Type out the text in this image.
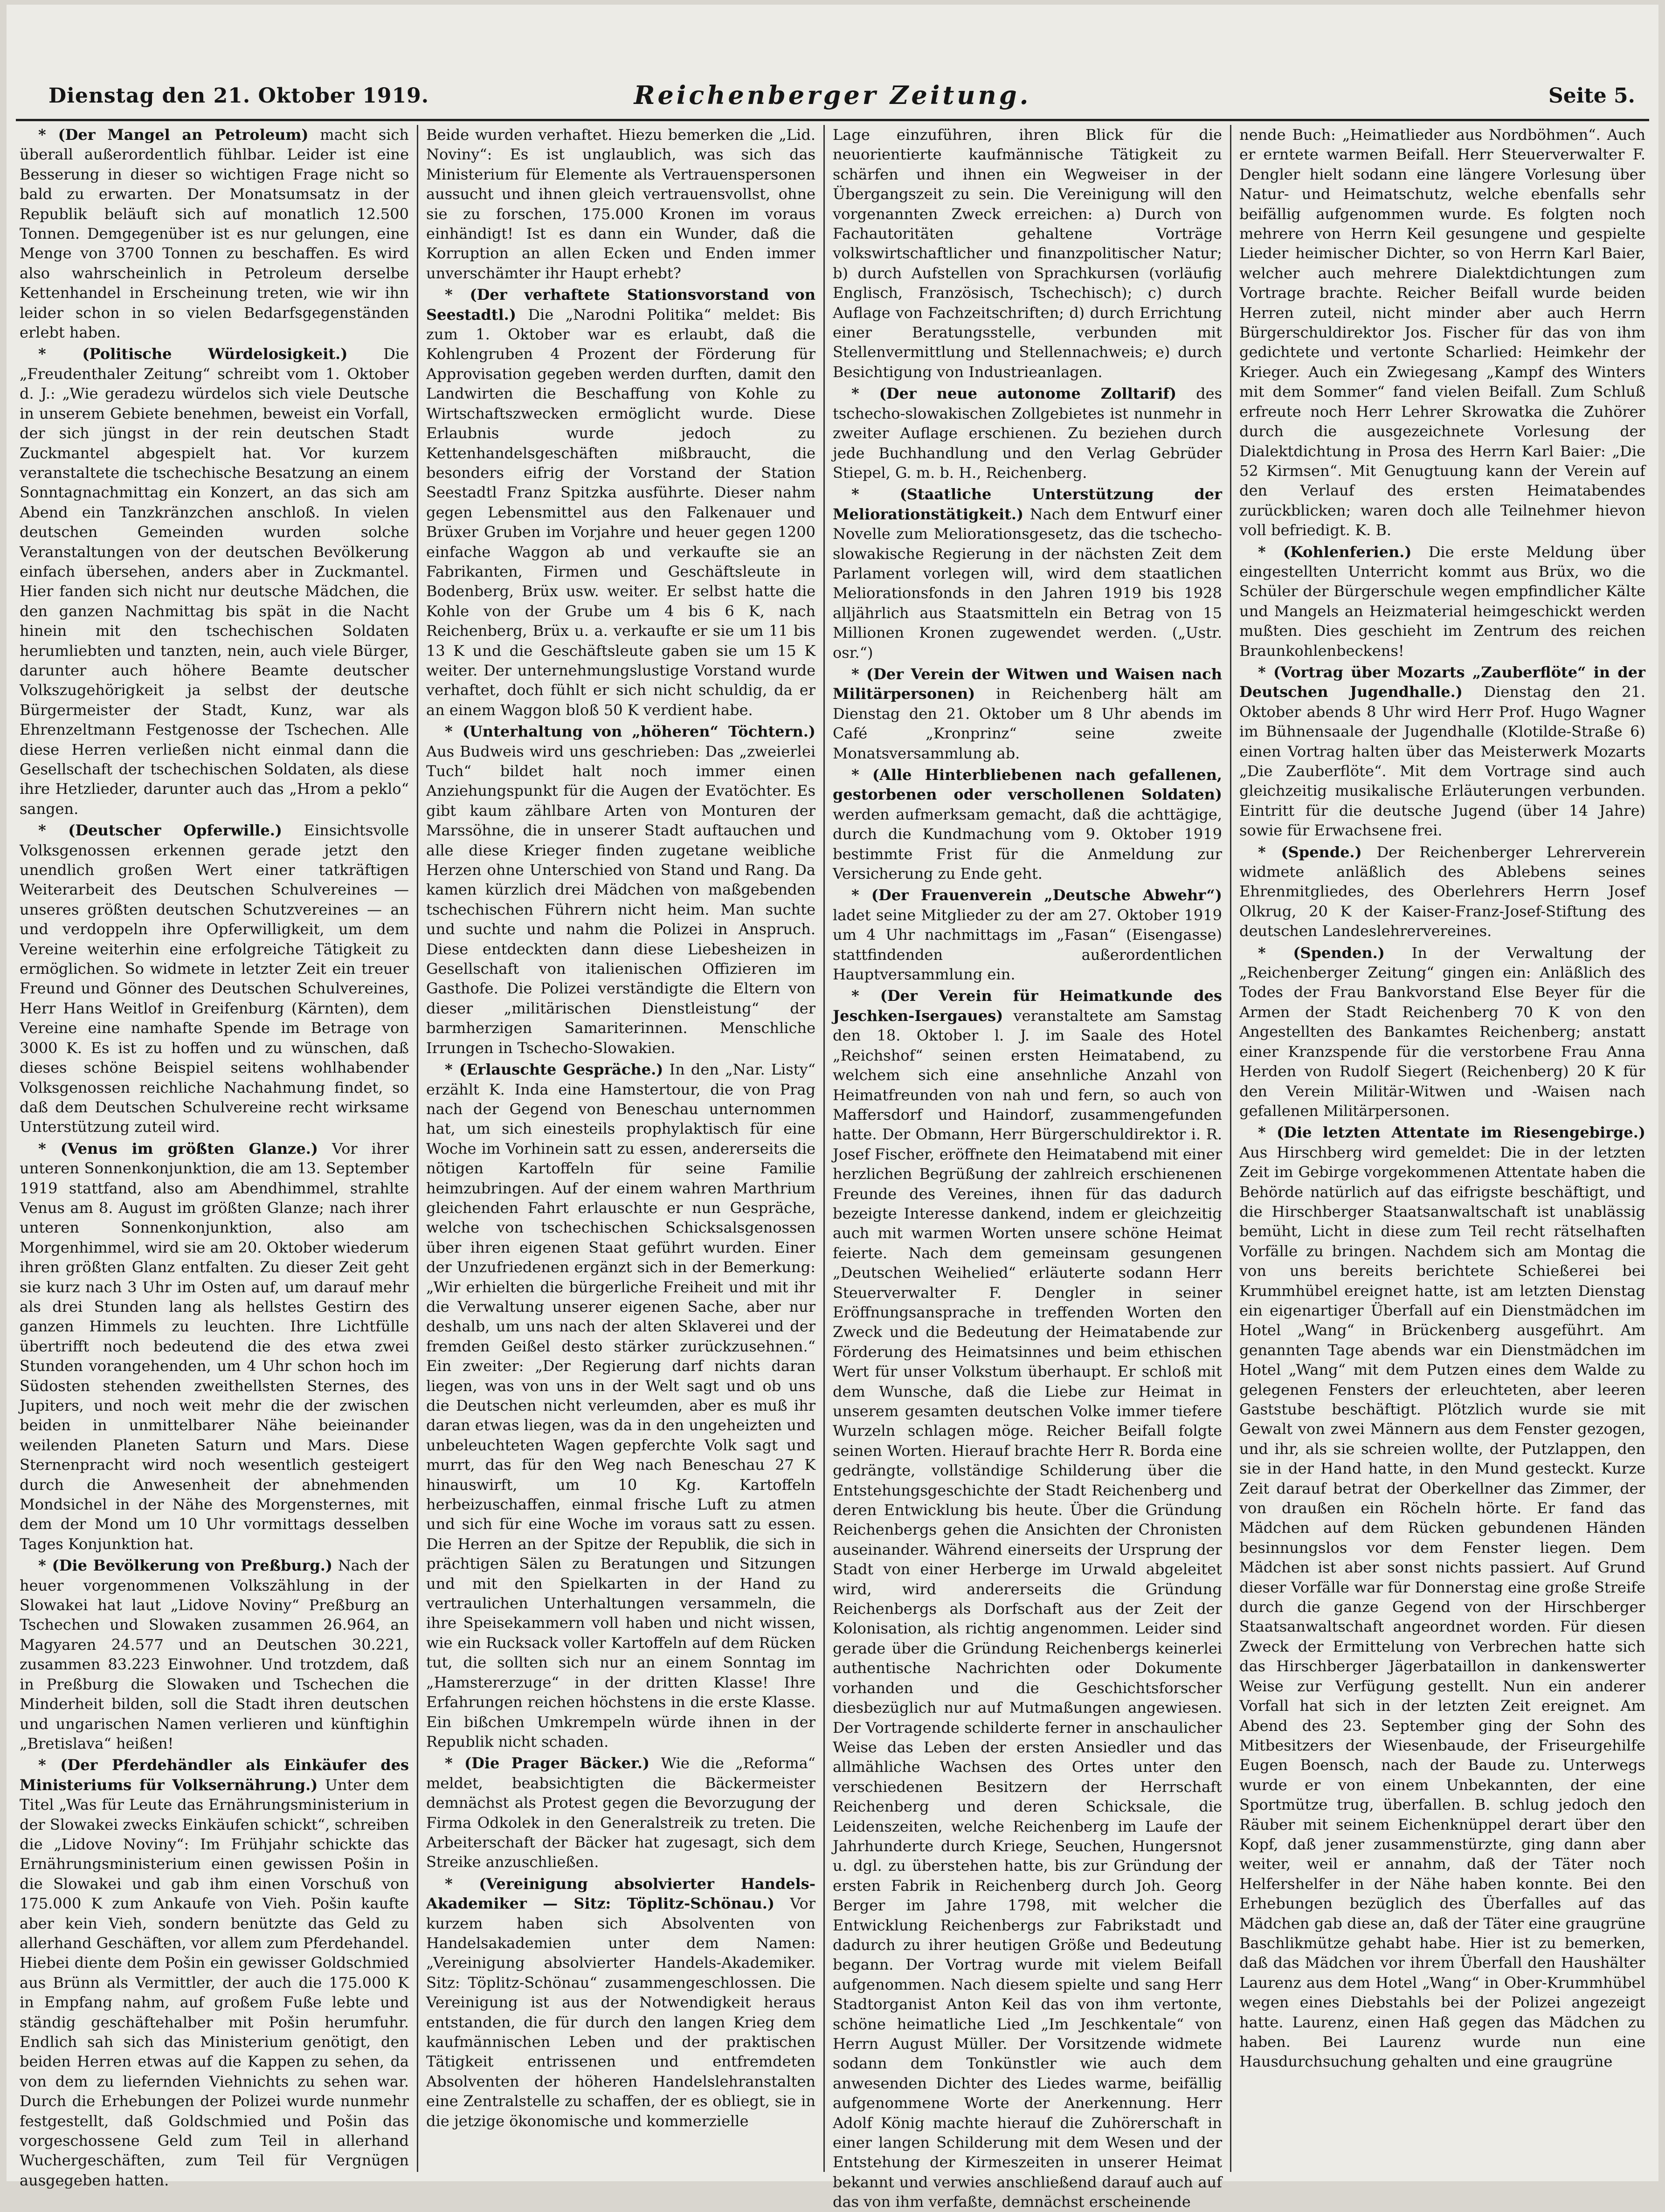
Dienstag den 21. Oktober 1919.	Reichenberger Zeitung.	Seite 5.

* (Der Mangel an Petroleum) macht sich überall außerordentlich fühlbar. Leider ist eine Besserung in dieser so wichtigen Frage nicht so bald zu erwarten. Der Monatsumsatz in der Republik beläuft sich auf monatlich 12.500 Tonnen. Demgegenüber ist es nur gelungen, eine Menge von 3700 Tonnen zu beschaffen. Es wird also wahrscheinlich in Petroleum derselbe Kettenhandel in Erscheinung treten, wie wir ihn leider schon in so vielen Bedarfsgegenständen erlebt haben.

* (Politische Würdelosigkeit.) Die „Freudenthaler Zeitung“ schreibt vom 1. Oktober d. J.: „Wie geradezu würdelos sich viele Deutsche in unserem Gebiete benehmen, beweist ein Vorfall, der sich jüngst in der rein deutschen Stadt Zuckmantel abgespielt hat. Vor kurzem veranstaltete die tschechische Besatzung an einem Sonntagnachmittag ein Konzert, an das sich am Abend ein Tanzkränzchen anschloß. In vielen deutschen Gemeinden wurden solche Veranstaltungen von der deutschen Bevölkerung einfach übersehen, anders aber in Zuckmantel. Hier fanden sich nicht nur deutsche Mädchen, die den ganzen Nachmittag bis spät in die Nacht hinein mit den tschechischen Soldaten herumliebten und tanzten, nein, auch viele Bürger, darunter auch höhere Beamte deutscher Volkszugehörigkeit ja selbst der deutsche Bürgermeister der Stadt, Kunz, war als Ehrenzeltmann Festgenosse der Tschechen. Alle diese Herren verließen nicht einmal dann die Gesellschaft der tschechischen Soldaten, als diese ihre Hetzlieder, darunter auch das „Hrom a peklo“ sangen.

* (Deutscher Opferwille.) Einsichtsvolle Volksgenossen erkennen gerade jetzt den unendlich großen Wert einer tatkräftigen Weiterarbeit des Deutschen Schulvereines — unseres größten deutschen Schutzvereines — an und verdoppeln ihre Opferwilligkeit, um dem Vereine weiterhin eine erfolgreiche Tätigkeit zu ermöglichen. So widmete in letzter Zeit ein treuer Freund und Gönner des Deutschen Schulvereines, Herr Hans Weitlof in Greifenburg (Kärnten), dem Vereine eine namhafte Spende im Betrage von 3000 K. Es ist zu hoffen und zu wünschen, daß dieses schöne Beispiel seitens wohlhabender Volksgenossen reichliche Nachahmung findet, so daß dem Deutschen Schulvereine recht wirksame Unterstützung zuteil wird.

* (Venus im größten Glanze.) Vor ihrer unteren Sonnenkonjunktion, die am 13. September 1919 stattfand, also am Abendhimmel, strahlte Venus am 8. August im größten Glanze; nach ihrer unteren Sonnenkonjunktion, also am Morgenhimmel, wird sie am 20. Oktober wiederum ihren größten Glanz entfalten. Zu dieser Zeit geht sie kurz nach 3 Uhr im Osten auf, um darauf mehr als drei Stunden lang als hellstes Gestirn des ganzen Himmels zu leuchten. Ihre Lichtfülle übertrifft noch bedeutend die des etwa zwei Stunden vorangehenden, um 4 Uhr schon hoch im Südosten stehenden zweithellsten Sternes, des Jupiters, und noch weit mehr die der zwischen beiden in unmittelbarer Nähe beieinander weilenden Planeten Saturn und Mars. Diese Sternenpracht wird noch wesentlich gesteigert durch die Anwesenheit der abnehmenden Mondsichel in der Nähe des Morgensternes, mit dem der Mond um 10 Uhr vormittags desselben Tages Konjunktion hat.

* (Die Bevölkerung von Preßburg.) Nach der heuer vorgenommenen Volkszählung in der Slowakei hat laut „Lidove Noviny“ Preßburg an Tschechen und Slowaken zusammen 26.964, an Magyaren 24.577 und an Deutschen 30.221, zusammen 83.223 Einwohner. Und trotzdem, daß in Preßburg die Slowaken und Tschechen die Minderheit bilden, soll die Stadt ihren deutschen und ungarischen Namen verlieren und künftighin „Bretislava“ heißen!

* (Der Pferdehändler als Einkäufer des Ministeriums für Volksernährung.) Unter dem Titel „Was für Leute das Ernährungsministerium in der Slowakei zwecks Einkäufen schickt“, schreiben die „Lidove Noviny“: Im Frühjahr schickte das Ernährungsministerium einen gewissen Pošin in die Slowakei und gab ihm einen Vorschuß von 175.000 K zum Ankaufe von Vieh. Pošin kaufte aber kein Vieh, sondern benützte das Geld zu allerhand Geschäften, vor allem zum Pferdehandel. Hiebei diente dem Pošin ein gewisser Goldschmied aus Brünn als Vermittler, der auch die 175.000 K in Empfang nahm, auf großem Fuße lebte und ständig geschäftehalber mit Pošin herumfuhr. Endlich sah sich das Ministerium genötigt, den beiden Herren etwas auf die Kappen zu sehen, da von dem zu liefernden Viehnichts zu sehen war. Durch die Erhebungen der Polizei wurde nunmehr festgestellt, daß Goldschmied und Pošin das vorgeschossene Geld zum Teil in allerhand Wuchergeschäften, zum Teil für Vergnügen ausgegeben hatten.

Beide wurden verhaftet. Hiezu bemerken die „Lid. Noviny“: Es ist unglaublich, was sich das Ministerium für Elemente als Vertrauenspersonen aussucht und ihnen gleich vertrauensvollst, ohne sie zu forschen, 175.000 Kronen im voraus einhändigt! Ist es dann ein Wunder, daß die Korruption an allen Ecken und Enden immer unverschämter ihr Haupt erhebt?

* (Der verhaftete Stationsvorstand von Seestadtl.) Die „Narodni Politika“ meldet: Bis zum 1. Oktober war es erlaubt, daß die Kohlengruben 4 Prozent der Förderung für Approvisation gegeben werden durften, damit den Landwirten die Beschaffung von Kohle zu Wirtschaftszwecken ermöglicht wurde. Diese Erlaubnis wurde jedoch zu Kettenhandelsgeschäften mißbraucht, die besonders eifrig der Vorstand der Station Seestadtl Franz Spitzka ausführte. Dieser nahm gegen Lebensmittel aus den Falkenauer und Brüxer Gruben im Vorjahre und heuer gegen 1200 einfache Waggon ab und verkaufte sie an Fabrikanten, Firmen und Geschäftsleute in Bodenberg, Brüx usw. weiter. Er selbst hatte die Kohle von der Grube um 4 bis 6 K, nach Reichenberg, Brüx u. a. verkaufte er sie um 11 bis 13 K und die Geschäftsleute gaben sie um 15 K weiter. Der unternehmungslustige Vorstand wurde verhaftet, doch fühlt er sich nicht schuldig, da er an einem Waggon bloß 50 K verdient habe.

* (Unterhaltung von „höheren“ Töchtern.) Aus Budweis wird uns geschrieben: Das „zweierlei Tuch“ bildet halt noch immer einen Anziehungspunkt für die Augen der Evatöchter. Es gibt kaum zählbare Arten von Monturen der Marssöhne, die in unserer Stadt auftauchen und alle diese Krieger finden zugetane weibliche Herzen ohne Unterschied von Stand und Rang. Da kamen kürzlich drei Mädchen von maßgebenden tschechischen Führern nicht heim. Man suchte und suchte und nahm die Polizei in Anspruch. Diese entdeckten dann diese Liebesheizen in Gesellschaft von italienischen Offizieren im Gasthofe. Die Polizei verständigte die Eltern von dieser „militärischen Dienstleistung“ der barmherzigen Samariterinnen. Menschliche Irrungen in Tschecho-Slowakien.

* (Erlauschte Gespräche.) In den „Nar. Listy“ erzählt K. Inda eine Hamstertour, die von Prag nach der Gegend von Beneschau unternommen hat, um sich einesteils prophylaktisch für eine Woche im Vorhinein satt zu essen, andererseits die nötigen Kartoffeln für seine Familie heimzubringen. Auf der einem wahren Marthrium gleichenden Fahrt erlauschte er nun Gespräche, welche von tschechischen Schicksalsgenossen über ihren eigenen Staat geführt wurden. Einer der Unzufriedenen ergänzt sich in der Bemerkung: „Wir erhielten die bürgerliche Freiheit und mit ihr die Verwaltung unserer eigenen Sache, aber nur deshalb, um uns nach der alten Sklaverei und der fremden Geißel desto stärker zurückzusehnen.“ Ein zweiter: „Der Regierung darf nichts daran liegen, was von uns in der Welt sagt und ob uns die Deutschen nicht verleumden, aber es muß ihr daran etwas liegen, was da in den ungeheizten und unbeleuchteten Wagen gepferchte Volk sagt und murrt, das für den Weg nach Beneschau 27 K hinauswirft, um 10 Kg. Kartoffeln herbeizuschaffen, einmal frische Luft zu atmen und sich für eine Woche im voraus satt zu essen. Die Herren an der Spitze der Republik, die sich in prächtigen Sälen zu Beratungen und Sitzungen und mit den Spielkarten in der Hand zu vertraulichen Unterhaltungen versammeln, die ihre Speisekammern voll haben und nicht wissen, wie ein Rucksack voller Kartoffeln auf dem Rücken tut, die sollten sich nur an einem Sonntag im „Hamstererzuge“ in der dritten Klasse! Ihre Erfahrungen reichen höchstens in die erste Klasse. Ein bißchen Umkrempeln würde ihnen in der Republik nicht schaden.

* (Die Prager Bäcker.) Wie die „Reforma“ meldet, beabsichtigten die Bäckermeister demnächst als Protest gegen die Bevorzugung der Firma Odkolek in den Generalstreik zu treten. Die Arbeiterschaft der Bäcker hat zugesagt, sich dem Streike anzuschließen.

* (Vereinigung absolvierter Handels-Akademiker — Sitz: Töplitz-Schönau.) Vor kurzem haben sich Absolventen von Handelsakademien unter dem Namen: „Vereinigung absolvierter Handels-Akademiker. Sitz: Töplitz-Schönau“ zusammengeschlossen. Die Vereinigung ist aus der Notwendigkeit heraus entstanden, die für durch den langen Krieg dem kaufmännischen Leben und der praktischen Tätigkeit entrissenen und entfremdeten Absolventen der höheren Handelslehranstalten eine Zentralstelle zu schaffen, der es obliegt, sie in die jetzige ökonomische und kommerzielle

Lage einzuführen, ihren Blick für die neuorientierte kaufmännische Tätigkeit zu schärfen und ihnen ein Wegweiser in der Übergangszeit zu sein. Die Vereinigung will den vorgenannten Zweck erreichen: a) Durch von Fachautoritäten gehaltene Vorträge volkswirtschaftlicher und finanzpolitischer Natur; b) durch Aufstellen von Sprachkursen (vorläufig Englisch, Französisch, Tschechisch); c) durch Auflage von Fachzeitschriften; d) durch Errichtung einer Beratungsstelle, verbunden mit Stellenvermittlung und Stellennachweis; e) durch Besichtigung von Industrieanlagen.

* (Der neue autonome Zolltarif) des tschecho-slowakischen Zollgebietes ist nunmehr in zweiter Auflage erschienen. Zu beziehen durch jede Buchhandlung und den Verlag Gebrüder Stiepel, G. m. b. H., Reichenberg.

* (Staatliche Unterstützung der Meliorationstätigkeit.) Nach dem Entwurf einer Novelle zum Meliorationsgesetz, das die tschecho-slowakische Regierung in der nächsten Zeit dem Parlament vorlegen will, wird dem staatlichen Meliorationsfonds in den Jahren 1919 bis 1928 alljährlich aus Staatsmitteln ein Betrag von 15 Millionen Kronen zugewendet werden. („Ustr. osr.“)

* (Der Verein der Witwen und Waisen nach Militärpersonen) in Reichenberg hält am Dienstag den 21. Oktober um 8 Uhr abends im Café „Kronprinz“ seine zweite Monatsversammlung ab.

* (Alle Hinterbliebenen nach gefallenen, gestorbenen oder verschollenen Soldaten) werden aufmerksam gemacht, daß die achttägige, durch die Kundmachung vom 9. Oktober 1919 bestimmte Frist für die Anmeldung zur Versicherung zu Ende geht.

* (Der Frauenverein „Deutsche Abwehr“) ladet seine Mitglieder zu der am 27. Oktober 1919 um 4 Uhr nachmittags im „Fasan“ (Eisengasse) stattfindenden außerordentlichen Hauptversammlung ein.

* (Der Verein für Heimatkunde des Jeschken-Isergaues) veranstaltete am Samstag den 18. Oktober l. J. im Saale des Hotel „Reichshof“ seinen ersten Heimatabend, zu welchem sich eine ansehnliche Anzahl von Heimatfreunden von nah und fern, so auch von Maffersdorf und Haindorf, zusammengefunden hatte. Der Obmann, Herr Bürgerschuldirektor i. R. Josef Fischer, eröffnete den Heimatabend mit einer herzlichen Begrüßung der zahlreich erschienenen Freunde des Vereines, ihnen für das dadurch bezeigte Interesse dankend, indem er gleichzeitig auch mit warmen Worten unsere schöne Heimat feierte. Nach dem gemeinsam gesungenen „Deutschen Weihelied“ erläuterte sodann Herr Steuerverwalter F. Dengler in seiner Eröffnungsansprache in treffenden Worten den Zweck und die Bedeutung der Heimatabende zur Förderung des Heimatsinnes und beim ethischen Wert für unser Volkstum überhaupt. Er schloß mit dem Wunsche, daß die Liebe zur Heimat in unserem gesamten deutschen Volke immer tiefere Wurzeln schlagen möge. Reicher Beifall folgte seinen Worten. Hierauf brachte Herr R. Borda eine gedrängte, vollständige Schilderung über die Entstehungsgeschichte der Stadt Reichenberg und deren Entwicklung bis heute. Über die Gründung Reichenbergs gehen die Ansichten der Chronisten auseinander. Während einerseits der Ursprung der Stadt von einer Herberge im Urwald abgeleitet wird, wird andererseits die Gründung Reichenbergs als Dorfschaft aus der Zeit der Kolonisation, als richtig angenommen. Leider sind gerade über die Gründung Reichenbergs keinerlei authentische Nachrichten oder Dokumente vorhanden und die Geschichtsforscher diesbezüglich nur auf Mutmaßungen angewiesen. Der Vortragende schilderte ferner in anschaulicher Weise das Leben der ersten Ansiedler und das allmähliche Wachsen des Ortes unter den verschiedenen Besitzern der Herrschaft Reichenberg und deren Schicksale, die Leidenszeiten, welche Reichenberg im Laufe der Jahrhunderte durch Kriege, Seuchen, Hungersnot u. dgl. zu überstehen hatte, bis zur Gründung der ersten Fabrik in Reichenberg durch Joh. Georg Berger im Jahre 1798, mit welcher die Entwicklung Reichenbergs zur Fabrikstadt und dadurch zu ihrer heutigen Größe und Bedeutung begann. Der Vortrag wurde mit vielem Beifall aufgenommen. Nach diesem spielte und sang Herr Stadtorganist Anton Keil das von ihm vertonte, schöne heimatliche Lied „Im Jeschkentale“ von Herrn August Müller. Der Vorsitzende widmete sodann dem Tonkünstler wie auch dem anwesenden Dichter des Liedes warme, beifällig aufgenommene Worte der Anerkennung. Herr Adolf König machte hierauf die Zuhörerschaft in einer langen Schilderung mit dem Wesen und der Entstehung der Kirmeszeiten in unserer Heimat bekannt und verwies anschließend darauf auch auf das von ihm verfaßte, demnächst erscheinende

nende Buch: „Heimatlieder aus Nordböhmen“. Auch er erntete warmen Beifall. Herr Steuerverwalter F. Dengler hielt sodann eine längere Vorlesung über Natur- und Heimatschutz, welche ebenfalls sehr beifällig aufgenommen wurde. Es folgten noch mehrere von Herrn Keil gesungene und gespielte Lieder heimischer Dichter, so von Herrn Karl Baier, welcher auch mehrere Dialektdichtungen zum Vortrage brachte. Reicher Beifall wurde beiden Herren zuteil, nicht minder aber auch Herrn Bürgerschuldirektor Jos. Fischer für das von ihm gedichtete und vertonte Scharlied: Heimkehr der Krieger. Auch ein Zwiegesang „Kampf des Winters mit dem Sommer“ fand vielen Beifall. Zum Schluß erfreute noch Herr Lehrer Skrowatka die Zuhörer durch die ausgezeichnete Vorlesung der Dialektdichtung in Prosa des Herrn Karl Baier: „Die 52 Kirmsen“. Mit Genugtuung kann der Verein auf den Verlauf des ersten Heimatabendes zurückblicken; waren doch alle Teilnehmer hievon voll befriedigt. K. B.

* (Kohlenferien.) Die erste Meldung über eingestellten Unterricht kommt aus Brüx, wo die Schüler der Bürgerschule wegen empfindlicher Kälte und Mangels an Heizmaterial heimgeschickt werden mußten. Dies geschieht im Zentrum des reichen Braunkohlenbeckens!

* (Vortrag über Mozarts „Zauberflöte“ in der Deutschen Jugendhalle.) Dienstag den 21. Oktober abends 8 Uhr wird Herr Prof. Hugo Wagner im Bühnensaale der Jugendhalle (Klotilde-Straße 6) einen Vortrag halten über das Meisterwerk Mozarts „Die Zauberflöte“. Mit dem Vortrage sind auch gleichzeitig musikalische Erläuterungen verbunden. Eintritt für die deutsche Jugend (über 14 Jahre) sowie für Erwachsene frei.

* (Spende.) Der Reichenberger Lehrerverein widmete anläßlich des Ablebens seines Ehrenmitgliedes, des Oberlehrers Herrn Josef Olkrug, 20 K der Kaiser-Franz-Josef-Stiftung des deutschen Landeslehrervereines.

* (Spenden.) In der Verwaltung der „Reichenberger Zeitung“ gingen ein: Anläßlich des Todes der Frau Bankvorstand Else Beyer für die Armen der Stadt Reichenberg 70 K von den Angestellten des Bankamtes Reichenberg; anstatt einer Kranzspende für die verstorbene Frau Anna Herden von Rudolf Siegert (Reichenberg) 20 K für den Verein Militär-Witwen und -Waisen nach gefallenen Militärpersonen.

* (Die letzten Attentate im Riesengebirge.) Aus Hirschberg wird gemeldet: Die in der letzten Zeit im Gebirge vorgekommenen Attentate haben die Behörde natürlich auf das eifrigste beschäftigt, und die Hirschberger Staatsanwaltschaft ist unablässig bemüht, Licht in diese zum Teil recht rätselhaften Vorfälle zu bringen. Nachdem sich am Montag die von uns bereits berichtete Schießerei bei Krummhübel ereignet hatte, ist am letzten Dienstag ein eigenartiger Überfall auf ein Dienstmädchen im Hotel „Wang“ in Brückenberg ausgeführt. Am genannten Tage abends war ein Dienstmädchen im Hotel „Wang“ mit dem Putzen eines dem Walde zu gelegenen Fensters der erleuchteten, aber leeren Gaststube beschäftigt. Plötzlich wurde sie mit Gewalt von zwei Männern aus dem Fenster gezogen, und ihr, als sie schreien wollte, der Putzlappen, den sie in der Hand hatte, in den Mund gesteckt. Kurze Zeit darauf betrat der Oberkellner das Zimmer, der von draußen ein Röcheln hörte. Er fand das Mädchen auf dem Rücken gebundenen Händen besinnungslos vor dem Fenster liegen. Dem Mädchen ist aber sonst nichts passiert. Auf Grund dieser Vorfälle war für Donnerstag eine große Streife durch die ganze Gegend von der Hirschberger Staatsanwaltschaft angeordnet worden. Für diesen Zweck der Ermittelung von Verbrechen hatte sich das Hirschberger Jägerbataillon in dankenswerter Weise zur Verfügung gestellt. Nun ein anderer Vorfall hat sich in der letzten Zeit ereignet. Am Abend des 23. September ging der Sohn des Mitbesitzers der Wiesenbaude, der Friseurgehilfe Eugen Boensch, nach der Baude zu. Unterwegs wurde er von einem Unbekannten, der eine Sportmütze trug, überfallen. B. schlug jedoch den Räuber mit seinem Eichenknüppel derart über den Kopf, daß jener zusammenstürzte, ging dann aber weiter, weil er annahm, daß der Täter noch Helfershelfer in der Nähe haben konnte. Bei den Erhebungen bezüglich des Überfalles auf das Mädchen gab diese an, daß der Täter eine graugrüne Baschlikmütze gehabt habe. Hier ist zu bemerken, daß das Mädchen vor ihrem Überfall den Haushälter Laurenz aus dem Hotel „Wang“ in Ober-Krummhübel wegen eines Diebstahls bei der Polizei angezeigt hatte. Laurenz, einen Haß gegen das Mädchen zu haben. Bei Laurenz wurde nun eine Hausdurchsuchung gehalten und eine graugrüne
